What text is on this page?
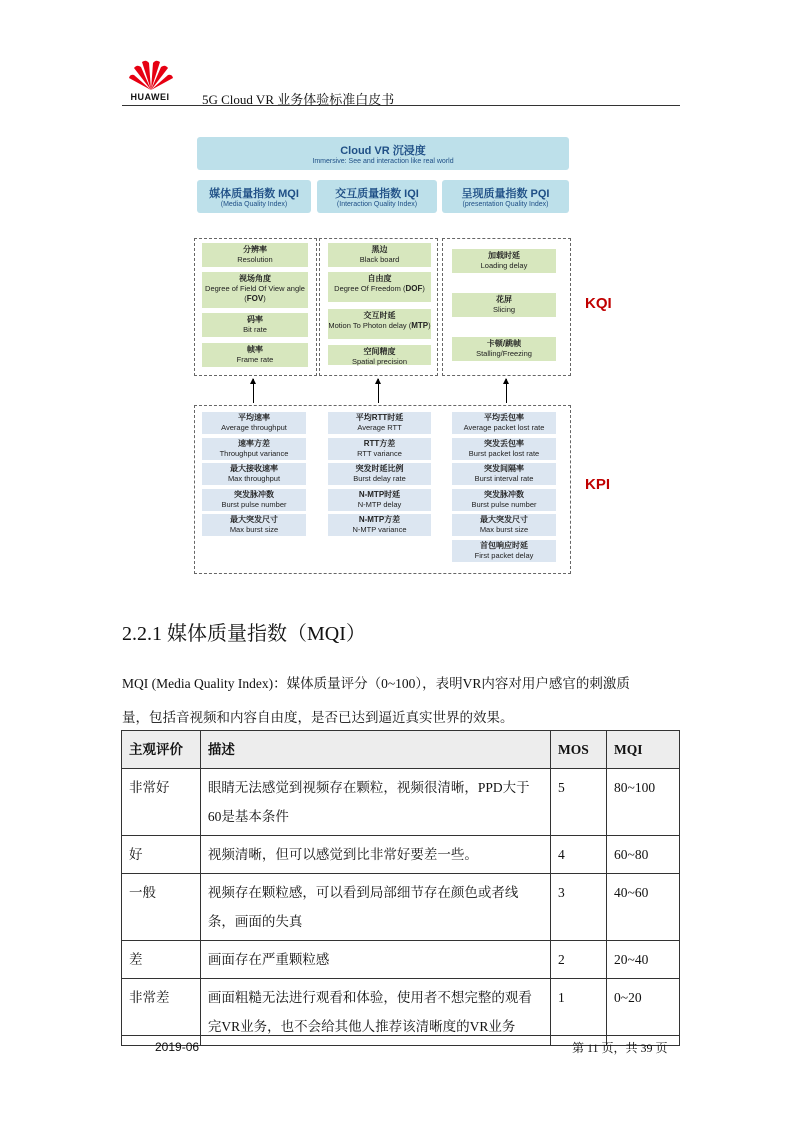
HUAWEI	5G Cloud VR 业务体验标准白皮书
Cloud VR 沉浸度
Immersive: See and interaction like real world
KQI
KPI
媒体质量指数 MQI
(Media Quality Index)
交互质量指数 IQI
(Interaction Quality Index)
呈现质量指数 PQI
(presentation Quality Index)
分辨率
Resolution
视场角度
Degree of Field Of View angle (FOV)
码率
Bit rate
帧率
Frame rate
黑边
Black board
自由度
Degree Of Freedom (DOF)
交互时延
Motion To Photon delay (MTP)
空间精度
Spatial precision
加载时延
Loading delay
花屏
Slicing
卡顿/跳帧
Stalling/Freezing
平均速率
Average throughput
速率方差
Throughput variance
最大接收速率
Max throughput
突发脉冲数
Burst pulse number
最大突发尺寸
Max burst size
平均RTT时延
Average RTT
RTT方差
RTT variance
突发时延比例
Burst delay rate
N-MTP时延
N-MTP delay
N-MTP方差
N-MTP variance
平均丢包率
Average packet lost rate
突发丢包率
Burst packet lost rate
突发间隔率
Burst interval rate
突发脉冲数
Burst pulse number
最大突发尺寸
Max burst size
首包响应时延
First packet delay
2.2.1 媒体质量指数（MQI）
MQI (Media Quality Index)：媒体质量评分（0~100），表明VR内容对用户感官的刺激质
量，包括音视频和内容自由度，是否已达到逼近真实世界的效果。
主观评价	描述	MOS	MQI
非常好	眼睛无法感觉到视频存在颗粒，视频很清晰，PPD大于60是基本条件	5	80~100
好	视频清晰，但可以感觉到比非常好要差一些。	4	60~80
一般	视频存在颗粒感，可以看到局部细节存在颜色或者线条，画面的失真	3	40~60
差	画面存在严重颗粒感	2	20~40
非常差	画面粗糙无法进行观看和体验，使用者不想完整的观看完VR业务，也不会给其他人推荐该清晰度的VR业务	1	0~20
2019-06	第 11 页，共 39 页
